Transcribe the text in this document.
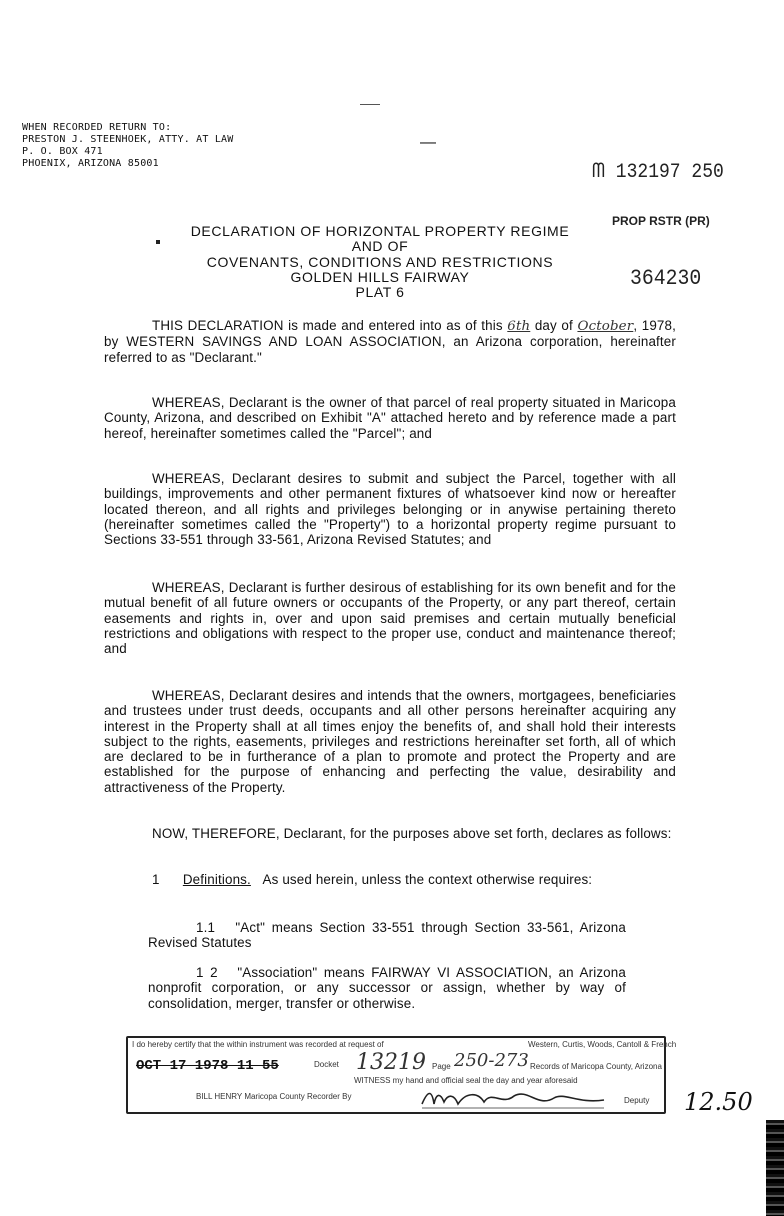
WHEN RECORDED RETURN TO:
PRESTON J. STEENHOEK, ATTY. AT LAW
P. O. BOX 471
PHOENIX, ARIZONA 85001
—
ᗰ 132197 250
PROP RSTR (PR)
364230
DECLARATION OF HORIZONTAL PROPERTY REGIME
AND OF
COVENANTS, CONDITIONS AND RESTRICTIONS
GOLDEN HILLS FAIRWAY
PLAT 6
THIS DECLARATION is made and entered into as of this 6th day of October, 1978, by WESTERN SAVINGS AND LOAN ASSOCIATION, an Arizona corporation, hereinafter referred to as "Declarant."
WHEREAS, Declarant is the owner of that parcel of real property situated in Maricopa County, Arizona, and described on Exhibit "A" attached hereto and by reference made a part hereof, hereinafter sometimes called the "Parcel"; and
WHEREAS, Declarant desires to submit and subject the Parcel, together with all buildings, improvements and other permanent fixtures of whatsoever kind now or hereafter located thereon, and all rights and privileges belonging or in anywise pertaining thereto (hereinafter sometimes called the "Property") to a horizontal property regime pursuant to Sections 33-551 through 33-561, Arizona Revised Statutes; and
WHEREAS, Declarant is further desirous of establishing for its own benefit and for the mutual benefit of all future owners or occupants of the Property, or any part thereof, certain easements and rights in, over and upon said premises and certain mutually beneficial restrictions and obligations with respect to the proper use, conduct and maintenance thereof; and
WHEREAS, Declarant desires and intends that the owners, mortgagees, beneficiaries and trustees under trust deeds, occupants and all other persons hereinafter acquiring any interest in the Property shall at all times enjoy the benefits of, and shall hold their interests subject to the rights, easements, privileges and restrictions hereinafter set forth, all of which are declared to be in furtherance of a plan to promote and protect the Property and are established for the purpose of enhancing and perfecting the value, desirability and attractiveness of the Property.
NOW, THEREFORE, Declarant, for the purposes above set forth, declares as follows:
1 Definitions. As used herein, unless the context otherwise requires:
1.1 "Act" means Section 33-551 through Section 33-561, Arizona Revised Statutes
1 2 "Association" means FAIRWAY VI ASSOCIATION, an Arizona nonprofit corporation, or any successor or assign, whether by way of consolidation, merger, transfer or otherwise.
I do hereby certify that the within instrument was recorded at request of	Western, Curtis, Woods, Cantoll & French
OCT 17 1978 11 55	Docket 13219 Page 250-273 Records of Maricopa County, Arizona
WITNESS my hand and official seal the day and year aforesaid
BILL HENRY Maricopa County Recorder By	Deputy 12.50
